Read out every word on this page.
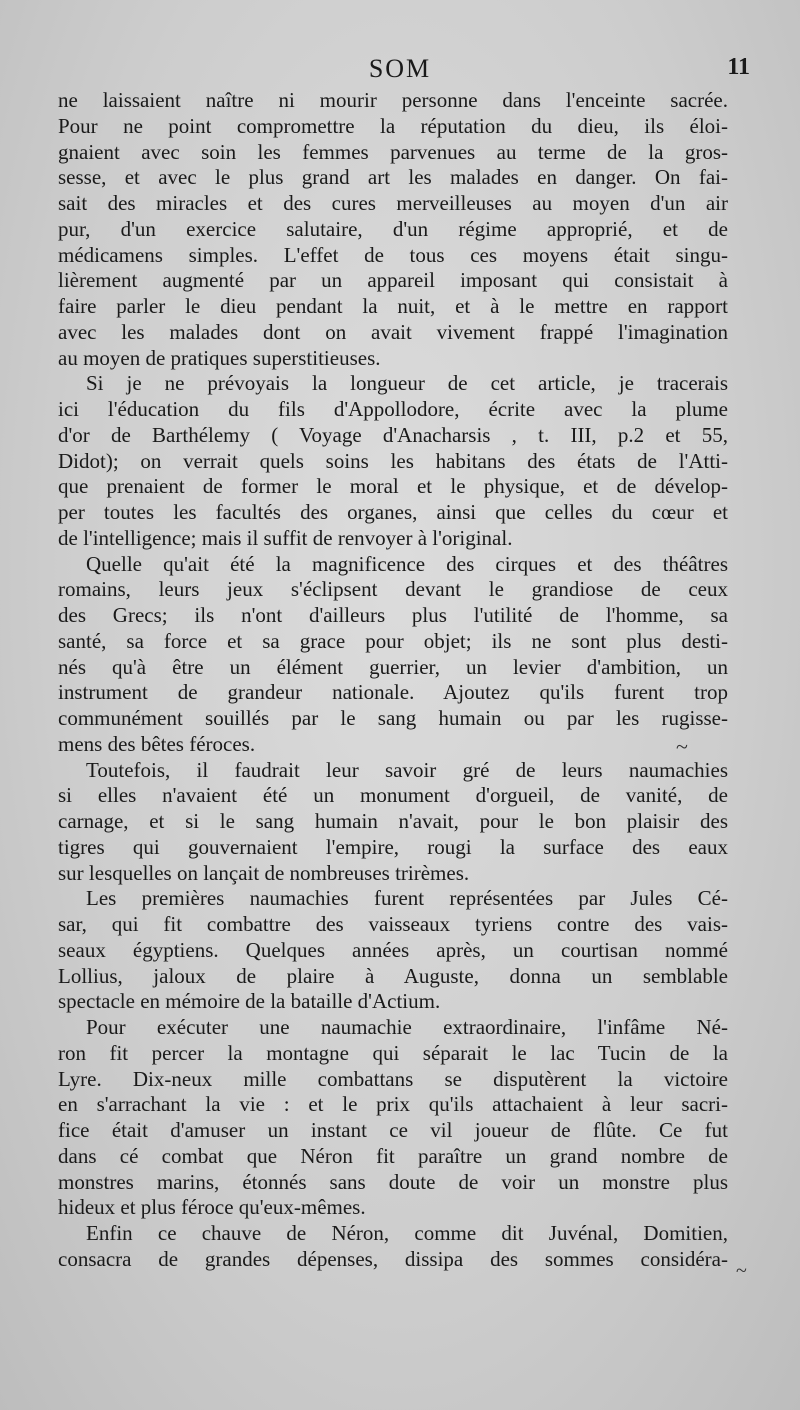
SOM	11
ne laissaient naître ni mourir personne dans l'enceinte sacrée.
Pour ne point compromettre la réputation du dieu, ils éloi-
gnaient avec soin les femmes parvenues au terme de la gros-
sesse, et avec le plus grand art les malades en danger. On fai-
sait des miracles et des cures merveilleuses au moyen d'un air
pur, d'un exercice salutaire, d'un régime approprié, et de
médicamens simples. L'effet de tous ces moyens était singu-
lièrement augmenté par un appareil imposant qui consistait à
faire parler le dieu pendant la nuit, et à le mettre en rapport
avec les malades dont on avait vivement frappé l'imagination
au moyen de pratiques superstitieuses.
Si je ne prévoyais la longueur de cet article, je tracerais
ici l'éducation du fils d'Appollodore, écrite avec la plume
d'or de Barthélemy ( Voyage d'Anacharsis , t. III, p.2 et 55,
Didot); on verrait quels soins les habitans des états de l'Atti-
que prenaient de former le moral et le physique, et de dévelop-
per toutes les facultés des organes, ainsi que celles du cœur et
de l'intelligence; mais il suffit de renvoyer à l'original.
Quelle qu'ait été la magnificence des cirques et des théâtres
romains, leurs jeux s'éclipsent devant le grandiose de ceux
des Grecs; ils n'ont d'ailleurs plus l'utilité de l'homme, sa
santé, sa force et sa grace pour objet; ils ne sont plus desti-
nés qu'à être un élément guerrier, un levier d'ambition, un
instrument de grandeur nationale. Ajoutez qu'ils furent trop
communément souillés par le sang humain ou par les rugisse-
mens des bêtes féroces.
Toutefois, il faudrait leur savoir gré de leurs naumachies
si elles n'avaient été un monument d'orgueil, de vanité, de
carnage, et si le sang humain n'avait, pour le bon plaisir des
tigres qui gouvernaient l'empire, rougi la surface des eaux
sur lesquelles on lançait de nombreuses trirèmes.
Les premières naumachies furent représentées par Jules Cé-
sar, qui fit combattre des vaisseaux tyriens contre des vais-
seaux égyptiens. Quelques années après, un courtisan nommé
Lollius, jaloux de plaire à Auguste, donna un semblable
spectacle en mémoire de la bataille d'Actium.
Pour exécuter une naumachie extraordinaire, l'infâme Né-
ron fit percer la montagne qui séparait le lac Tucin de la
Lyre. Dix-neux mille combattans se disputèrent la victoire
en s'arrachant la vie : et le prix qu'ils attachaient à leur sacri-
fice était d'amuser un instant ce vil joueur de flûte. Ce fut
dans cé combat que Néron fit paraître un grand nombre de
monstres marins, étonnés sans doute de voir un monstre plus
hideux et plus féroce qu'eux-mêmes.
Enfin ce chauve de Néron, comme dit Juvénal, Domitien,
consacra de grandes dépenses, dissipa des sommes considéra-
~
~
